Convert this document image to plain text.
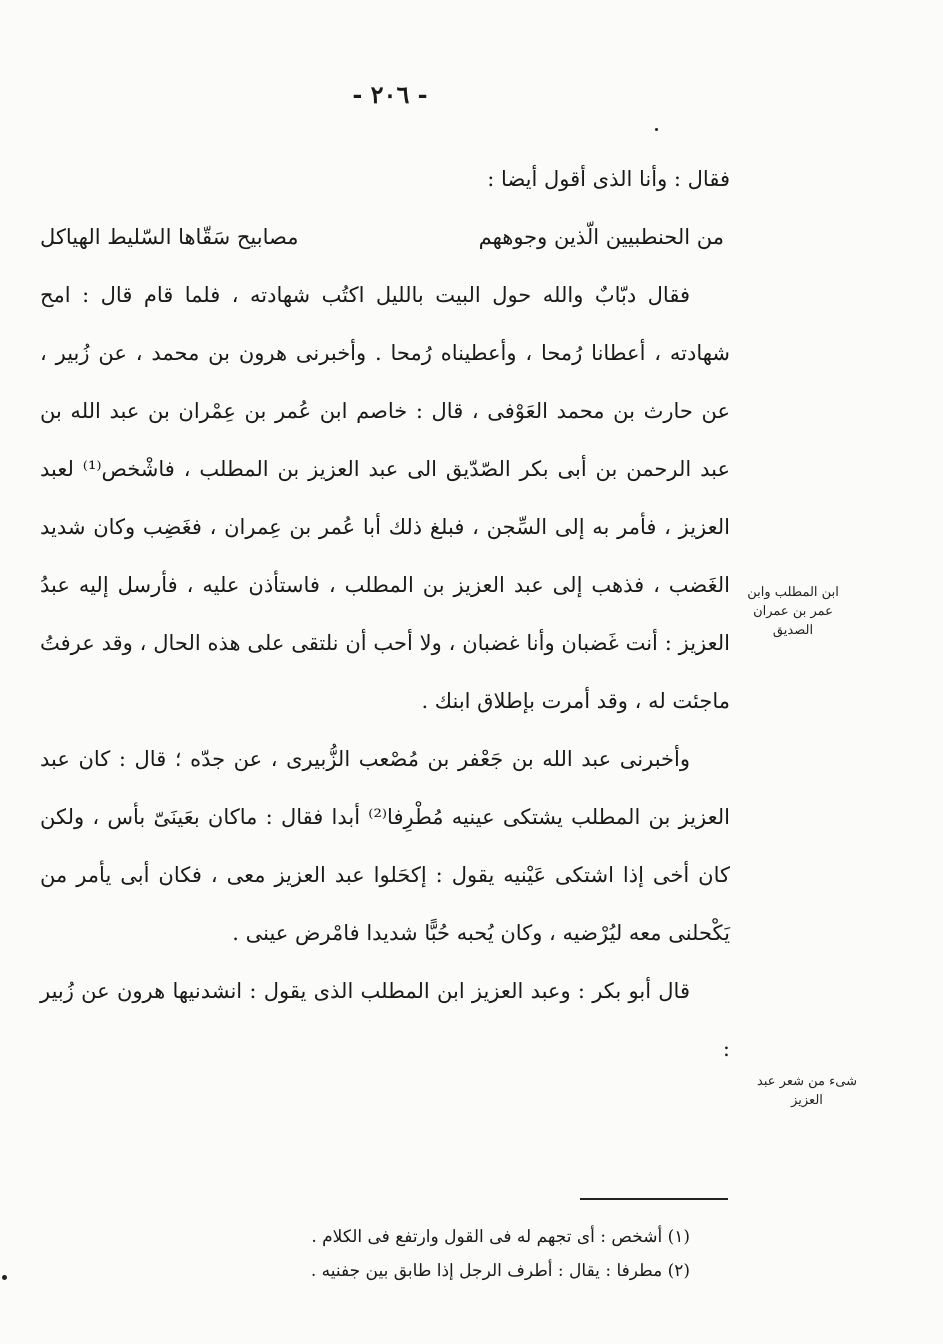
- ٢٠٦ -

فقال : وأنا الذى أقول أيضا :

من الحنطبيين الّذين وجوههم
مصابيح سَقّاها السّليط الهياكل

فقال دبّابٌ والله حول البيت بالليل اكتُب شهادته ، فلما قام قال : امح شهادته ، أعطانا رُمحا ، وأعطيناه رُمحا . وأخبرنى هرون بن محمد ، عن زُبير ، عن حارث بن محمد العَوْفى ، قال : خاصم ابن عُمر بن عِمْران بن عبد الله بن عبد الرحمن بن أبى بكر الصّدّيق الى عبد العزيز بن المطلب ، فاشْخص⁽¹⁾ لعبد العزيز ، فأمر به إلى السِّجن ، فبلغ ذلك أبا عُمر بن عِمران ، فغَضِب وكان شديد الغَضب ، فذهب إلى عبد العزيز بن المطلب ، فاستأذن عليه ، فأرسل إليه عبدُ العزيز : أنت غَضبان وأنا غضبان ، ولا أحب أن نلتقى على هذه الحال ، وقد عرفتُ ماجئت له ، وقد أمرت بإطلاق ابنك .

وأخبرنى عبد الله بن جَعْفر بن مُصْعب الزُّبيرى ، عن جدّه ؛ قال : كان عبد العزيز بن المطلب يشتكى عينيه مُطْرِفا⁽²⁾ أبدا فقال : ماكان بعَينَىّ بأس ، ولكن كان أخى إذا اشتكى عَيْنيه يقول : إكحَلوا عبد العزيز معى ، فكان أبى يأمر من يَكْحلنى معه ليُرْضيه ، وكان يُحبه حُبًّا شديدا فامْرض عينى .

قال أبو بكر : وعبد العزيز ابن المطلب الذى يقول : انشدنيها هرون عن زُبير :

ابن المطلب وابن عمر بن عمران الصديق
شىء من شعر عبد العزيز

(١) أشخص : أى تجهم له فى القول وارتفع فى الكلام .

(٢) مطرفا : يقال : أطرف الرجل إذا طابق بين جفنيه .
